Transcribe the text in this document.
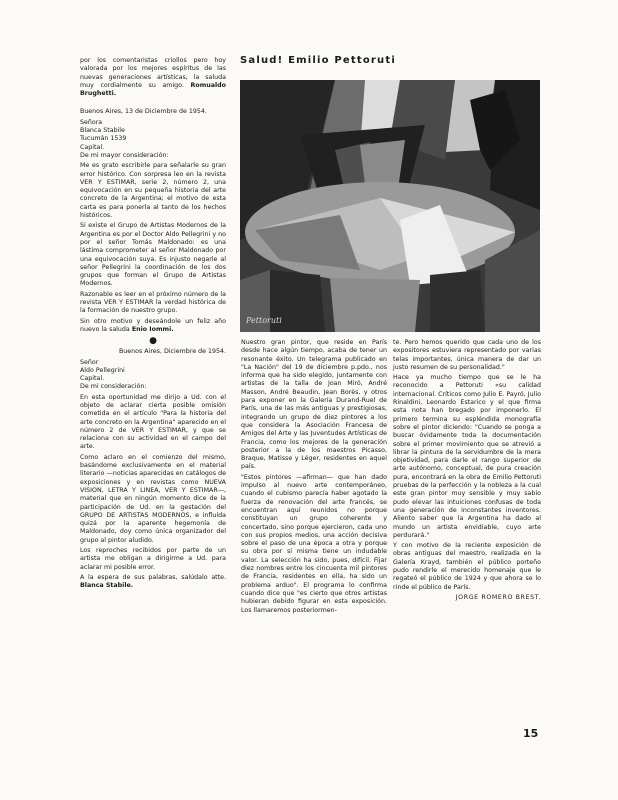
por los comentaristas criollos pero hoy valorada por los mejores espíritus de las nuevas generaciones artísticas, la saluda muy cordialmente su amigo. Romualdo Brughetti.

Buenos Aires, 13 de Diciembre de 1954.

Señora

Blanca Stabile

Tucumán 1539

Capital.

De mi mayor consideración:

Me es grato escribirle para señalarle su gran error histórico. Con sorpresa leo en la revista VER Y ESTIMAR, serie 2, número 2, una equivocación en su pequeña historia del arte concreto de la Argentina; el motivo de esta carta es para ponerla al tanto de los hechos históricos.

Si existe el Grupo de Artistas Modernos de la Argentina es por el Doctor Aldo Pellegrini y no por el señor Tomás Maldonado: es una lástima comprometer al señor Maldonado por una equivocación suya. Es injusto negarle al señor Pellegrini la coordinación de los dos grupos que forman el Grupo de Artistas Modernos.

Razonable es leer en el próximo número de la revista VER Y ESTIMAR la verdad histórica de la formación de nuestro grupo.

Sin otro motivo y deseándole un feliz año nuevo la saluda Enio Iommi.

●

Buenos Aires, Diciembre de 1954.

Señor

Aldo Pellegrini

Capital.

De mi consideración:

En esta oportunidad me dirijo a Ud. con el objeto de aclarar cierta posible omisión cometida en el artículo "Para la historia del arte concreto en la Argentina" aparecido en el número 2 de VER Y ESTIMAR, y que se relaciona con su actividad en el campo del arte.

Como aclaro en el comienzo del mismo, basándome exclusivamente en el material literario —noticias aparecidas en catálogos de exposiciones y en revistas como NUEVA VISION, LETRA Y LINEA, VER Y ESTIMAR—, material que en ningún momento dice de la participación de Ud. en la gestación del GRUPO DE ARTISTAS MODERNOS, e influída quizá por la aparente hegemonía de Maldonado, doy como única organizador del grupo al pintor aludido.

Los reproches recibidos por parte de un artista me obligan a dirigirme a Ud. para aclarar mi posible error.

A la espera de sus palabras, salúdalo atte. Blanca Stabile.

Salud! Emilio Pettoruti
Pettoruti

Nuestro gran pintor, que reside en París desde hace algún tiempo, acaba de tener un resonante éxito. Un telegrama publicado en "La Nación" del 19 de diciembre p.pdo., nos informa que ha sido elegido, juntamente con artistas de la talla de Joan Miró, André Masson, André Beaudin, Jean Borès, y otros para exponer en la Galería Durand-Ruel de París, una de las más antiguas y prestigiosas, integrando un grupo de diez pintores a los que considera la Asociación Francesa de Amigos del Arte y las Juventudes Artísticas de Francia, como los mejores de la generación posterior a la de los maestros Picasso, Braque, Matisse y Léger, residentes en aquel país.

"Estos pintores —afirman— que han dado impulso al nuevo arte contemporáneo, cuando el cubismo parecía haber agotado la fuerza de renovación del arte francés, se encuentran aquí reunidos no porque constituyan un grupo coherente y concertado, sino porque ejercieron, cada uno con sus propios medios, una acción decisiva sobre el paso de una época a otra y porque su obra por sí misma tiene un indudable valor. La selección ha sido, pues, difícil. Fijar diez nombres entre los cincuenta mil pintores de Francia, residentes en ella, ha sido un problema arduo". El programa lo confirma cuando dice que "es cierto que otros artistas hubieran debido figurar en esta exposición. Los llamaremos posteriormen-

te. Pero hemos querido que cada uno de los expositores estuviera representado por varias telas importantes, única manera de dar un justo resumen de su personalidad."

Hace ya mucho tiempo que se le ha reconocido a Pettoruti «su calidad internacional. Críticos como Julio E. Payró, Julio Rinaldini, Leonardo Estarico y el que firma esta nota han bregado por imponerlo. El primero termina su espléndida monografía sobre el pintor diciendo: "Cuando se ponga a buscar óvidamente toda la documentación sobre el primer movimiento que se atrevió a librar la pintura de la servidumbre de la mera objetividad, para darle el rango superior de arte autónomo, conceptual, de pura creación pura, encontrará en la obra de Emilio Pettoruti pruebas de la perfección y la nobleza a la cual este gran pintor muy sensible y muy sabio pudo elevar las intuiciones confusas de toda una generación de inconstantes inventores. Aliento saber que la Argentina ha dado al mundo un artista envidiable, cuyo arte perdurará."

Y con motivo de la reciente exposición de obras antiguas del maestro, realizada en la Galería Krayd, también el público porteño pudo rendirle el merecido homenaje que le regateó el público de 1924 y que ahora se lo rinde el público de París.

JORGE ROMERO BREST.

15
